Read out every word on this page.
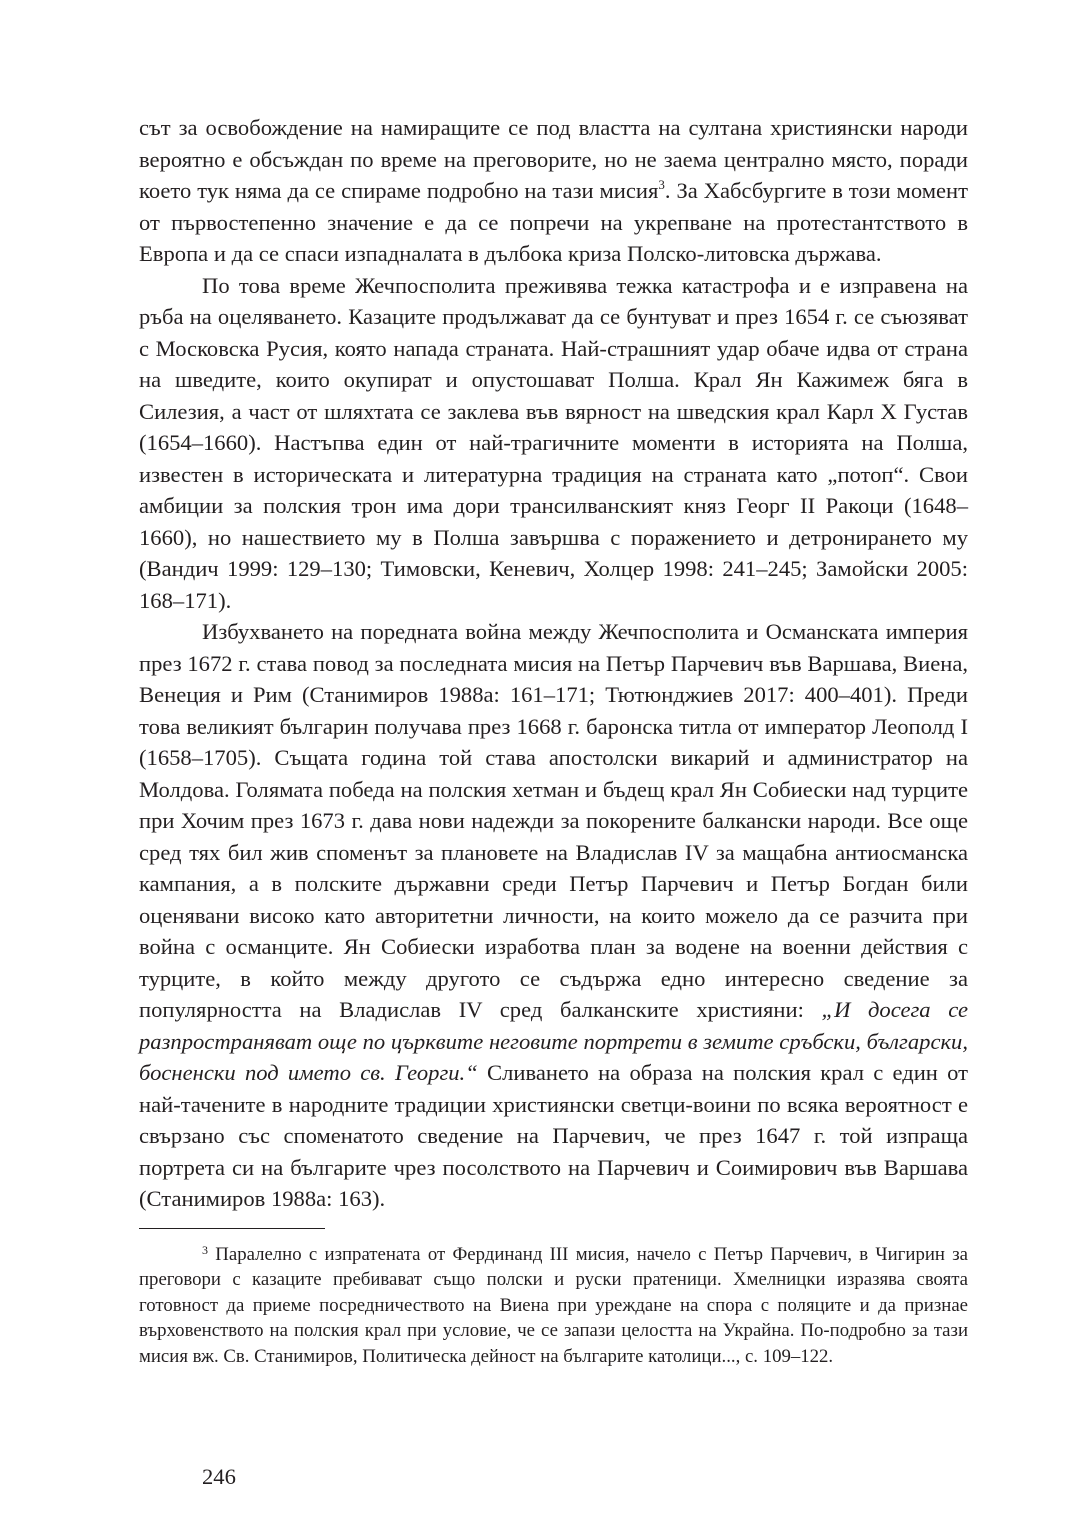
сът за освобождение на намиращите се под властта на султана християнски народи вероятно е обсъждан по време на преговорите, но не заема централно място, поради което тук няма да се спираме подробно на тази мисия$^3$. За Хабсбургите в този момент от първостепенно значение е да се попречи на укрепване на протестантството в Европа и да се спаси изпадналата в дълбока криза Полско-литовска държава.

По това време Жечпосполита преживява тежка катастрофа и е изправена на ръба на оцеляването. Казаците продължават да се бунтуват и през 1654 г. се съюзяват с Московска Русия, която напада страната. Най-страшният удар обаче идва от страна на шведите, които окупират и опустошават Полша. Крал Ян Кажимеж бяга в Силезия, а част от шляхтата се заклева във вярност на шведския крал Карл Х Густав (1654–1660). Настъпва един от най-трагичните моменти в историята на Полша, известен в историческата и литературна традиция на страната като „потоп“. Свои амбиции за полския трон има дори трансилванският княз Георг II Ракоци (1648–1660), но нашествието му в Полша завършва с поражението и детронирането му (Вандич 1999: 129–130; Тимовски, Кеневич, Холцер 1998: 241–245; Замойски 2005: 168–171).

Избухването на поредната война между Жечпосполита и Османската империя през 1672 г. става повод за последната мисия на Петър Парчевич във Варшава, Виена, Венеция и Рим (Станимиров 1988а: 161–171; Тютюнджиев 2017: 400–401). Преди това великият българин получава през 1668 г. баронска титла от император Леополд I (1658–1705). Същата година той става апостолски викарий и администратор на Молдова. Голямата победа на полския хетман и бъдещ крал Ян Собиески над турците при Хочим през 1673 г. дава нови надежди за покорените балкански народи. Все още сред тях бил жив споменът за плановете на Владислав IV за мащабна антиосманска кампания, а в полските държавни среди Петър Парчевич и Петър Богдан били оценявани високо като авторитетни личности, на които можело да се разчита при война с османците. Ян Собиески изработва план за водене на военни действия с турците, в който между другото се съдържа едно интересно сведение за популярността на Владислав IV сред балканските християни: „И досега се разпространяват още по църквите неговите портрети в земите сръбски, български, босненски под името св. Георги.“ Сливането на образа на полския крал с един от най-тачeните в народните традиции християнски светци-воини по всяка вероятност е свързано със споменатото сведение на Парчевич, че през 1647 г. той изпраща портрета си на българите чрез посолството на Парчевич и Соимирович във Варшава (Станимиров 1988а: 163).

$^3$ Паралелно с изпратената от Фердинанд III мисия, начело с Петър Парчевич, в Чигирин за преговори с казаците пребивават също полски и руски пратеници. Хмелницки изразява своята готовност да приеме посредничеството на Виена при уреждане на спора с поляците и да признае върховенството на полския крал при условие, че се запази целостта на Украйна. По-подробно за тази мисия вж. Св. Станимиров, Политическа дейност на българите католици..., с. 109–122.

246
